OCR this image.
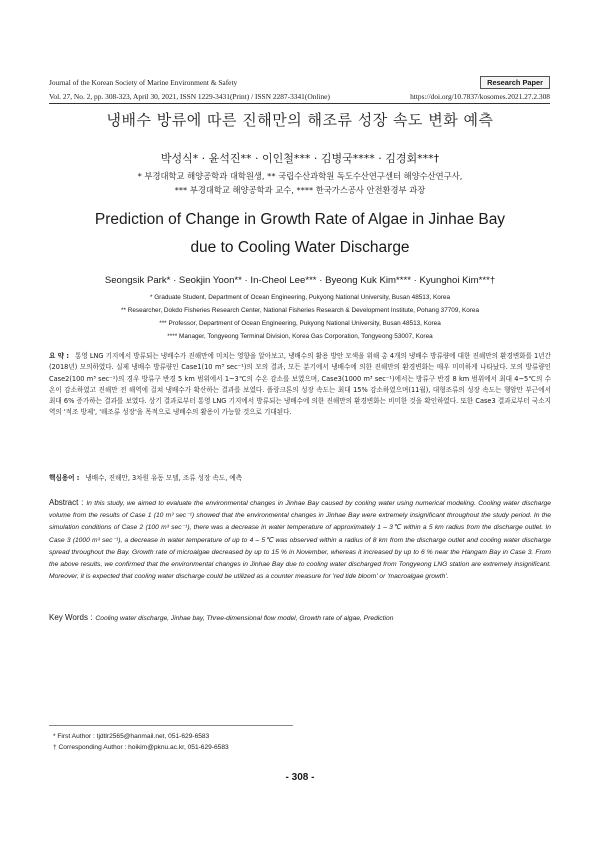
Journal of the Korean Society of Marine Environment & Safety	Research Paper
Vol. 27, No. 2, pp. 308-323, April 30, 2021, ISSN 1229-3431(Print) / ISSN 2287-3341(Online)	https://doi.org/10.7837/kosomes.2021.27.2.308
냉배수 방류에 따른 진해만의 해조류 성장 속도 변화 예측
박성식* · 윤석진** · 이인철*** · 김병국**** · 김경회***†
* 부경대학교 해양공학과 대학원생, ** 국립수산과학원 독도수산연구센터 해양수산연구사,
*** 부경대학교 해양공학과 교수, **** 한국가스공사 안전환경부 과장
Prediction of Change in Growth Rate of Algae in Jinhae Bay
due to Cooling Water Discharge
Seongsik Park* · Seokjin Yoon** · In-Cheol Lee*** · Byeong Kuk Kim**** · Kyunghoi Kim***†
* Graduate Student, Department of Ocean Engineering, Pukyong National University, Busan 48513, Korea
** Researcher, Dokdo Fisheries Research Center, National Fisheries Research & Development Institute, Pohang 37709, Korea
*** Professor, Department of Ocean Engineering, Pukyong National University, Busan 48513, Korea
**** Manager, Tongyeong Terminal Division, Korea Gas Corporation, Tongyeong 53007, Korea
요 약 : 통영 LNG 기지에서 방류되는 냉배수가 진해만에 미치는 영향을 알아보고, 냉배수의 활용 방안 모색을 위해 총 4개의 냉배수 방류량에 대한 진해만의 환경변화를 1년간(2018년) 모의하였다. 실제 냉배수 방류량인 Case1(10 m³ sec⁻¹)의 모의 결과, 모든 분기에서 냉배수에 의한 진해만의 환경변화는 매우 미미하게 나타났다. 모의 방류량인 Case2(100 m³ sec⁻¹)의 경우 방류구 반경 5 km 범위에서 1~3℃의 수온 감소를 보였으며, Case3(1000 m³ sec⁻¹)에서는 방류구 반경 8 km 범위에서 최대 4~5℃의 수온이 감소하였고 진해만 전 해역에 걸쳐 냉배수가 확산하는 결과를 보였다. 플랑크톤의 성장 속도는 최대 15% 감소하였으며(11월), 대형조류의 성장 속도는 행암만 부근에서 최대 6% 증가하는 결과를 보였다. 상기 결과로부터 통영 LNG 기지에서 방류되는 냉배수에 의한 진해만의 환경변화는 비미한 것을 확인하였다. 또한 Case3 결과로부터 국소지역의 '적조 방제', '해조류 성장'을 목적으로 냉배수의 활용이 가능할 것으로 기대된다.
핵심용어 : 냉배수, 진해만, 3차원 유동 모델, 조류 성장 속도, 예측
Abstract : In this study, we aimed to evaluate the environmental changes in Jinhae Bay caused by cooling water using numerical modeling. Cooling water discharge volume from the results of Case 1 (10 m³ sec⁻¹) showed that the environmental changes in Jinhae Bay were extremely insignificant throughout the study period. In the simulation conditions of Case 2 (100 m³ sec⁻¹), there was a decrease in water temperature of approximately 1 – 3℃ within a 5 km radius from the discharge outlet. In Case 3 (1000 m³ sec⁻¹), a decrease in water temperature of up to 4 – 5℃ was observed within a radius of 8 km from the discharge outlet and cooling water discharge spread throughout the Bay. Growth rate of microalgae decreased by up to 15 % in November, whereas it increased by up to 6 % near the Hangam Bay in Case 3. From the above results, we confirmed that the environmental changes in Jinhae Bay due to cooling water discharged from Tongyeong LNG station are extremely insignificant. Moreover, it is expected that cooling water discharge could be utilized as a counter measure for 'red tide bloom' or 'macroalgae growth'.
Key Words : Cooling water discharge, Jinhae bay, Three-dimensional flow model, Growth rate of algae, Prediction
* First Author : tjdtlr2565@hanmail.net, 051-629-6583
† Corresponding Author : hoikim@pknu.ac.kr, 051-629-6583
- 308 -
